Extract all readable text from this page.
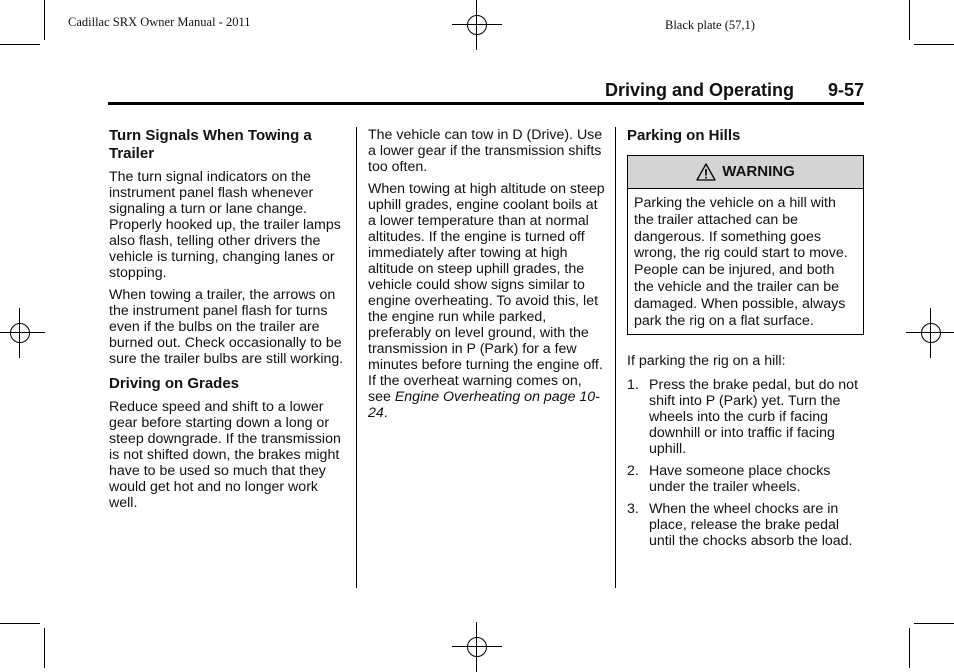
Cadillac SRX Owner Manual - 2011	Black plate (57,1)
Driving and Operating 9-57
Turn Signals When Towing a Trailer

The turn signal indicators on the instrument panel flash whenever signaling a turn or lane change. Properly hooked up, the trailer lamps also flash, telling other drivers the vehicle is turning, changing lanes or stopping.

When towing a trailer, the arrows on the instrument panel flash for turns even if the bulbs on the trailer are burned out. Check occasionally to be sure the trailer bulbs are still working.

Driving on Grades

Reduce speed and shift to a lower gear before starting down a long or steep downgrade. If the transmission is not shifted down, the brakes might have to be used so much that they would get hot and no longer work well.

The vehicle can tow in D (Drive). Use a lower gear if the transmission shifts too often.

When towing at high altitude on steep uphill grades, engine coolant boils at a lower temperature than at normal altitudes. If the engine is turned off immediately after towing at high altitude on steep uphill grades, the vehicle could show signs similar to engine overheating. To avoid this, let the engine run while parked, preferably on level ground, with the transmission in P (Park) for a few minutes before turning the engine off. If the overheat warning comes on, see Engine Overheating on page 10-24.

Parking on Hills
WARNING
Parking the vehicle on a hill with the trailer attached can be dangerous. If something goes wrong, the rig could start to move. People can be injured, and both the vehicle and the trailer can be damaged. When possible, always park the rig on a flat surface.

If parking the rig on a hill:

1. Press the brake pedal, but do not shift into P (Park) yet. Turn the wheels into the curb if facing downhill or into traffic if facing uphill.
2. Have someone place chocks under the trailer wheels.
3. When the wheel chocks are in place, release the brake pedal until the chocks absorb the load.
